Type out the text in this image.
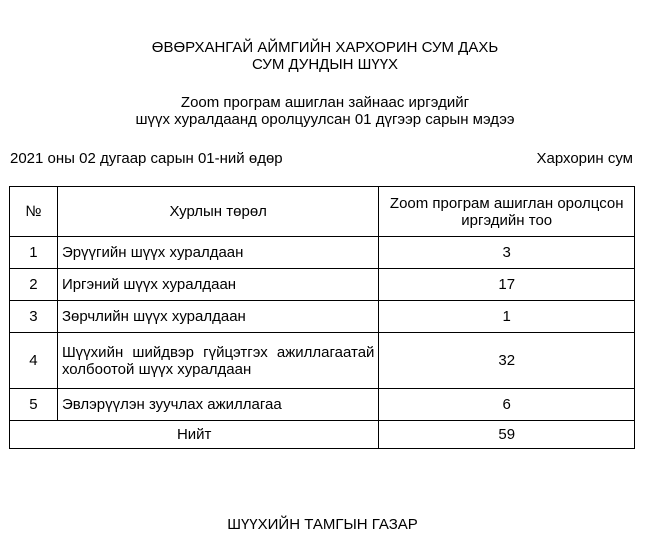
ӨВӨРХАНГАЙ АЙМГИЙН ХАРХОРИН СУМ ДАХЬ
СУМ ДУНДЫН ШҮҮХ
Zoom програм ашиглан зайнаас иргэдийг
шүүх хуралдаанд оролцуулсан 01 дүгээр сарын мэдээ
2021 оны 02 дугаар сарын 01-ний өдөр	Хархорин сум
№	Хурлын төрөл	Zoom програм ашиглан оролцсон иргэдийн тоо
1	Эрүүгийн шүүх хуралдаан	3
2	Иргэний шүүх хуралдаан	17
3	Зөрчлийн шүүх хуралдаан	1
4	Шүүхийн шийдвэр гүйцэтгэх ажиллагаатай холбоотой шүүх хуралдаан	32
5	Эвлэрүүлэн зуучлах ажиллагаа	6
Нийт		59
ШҮҮХИЙН ТАМГЫН ГАЗАР
